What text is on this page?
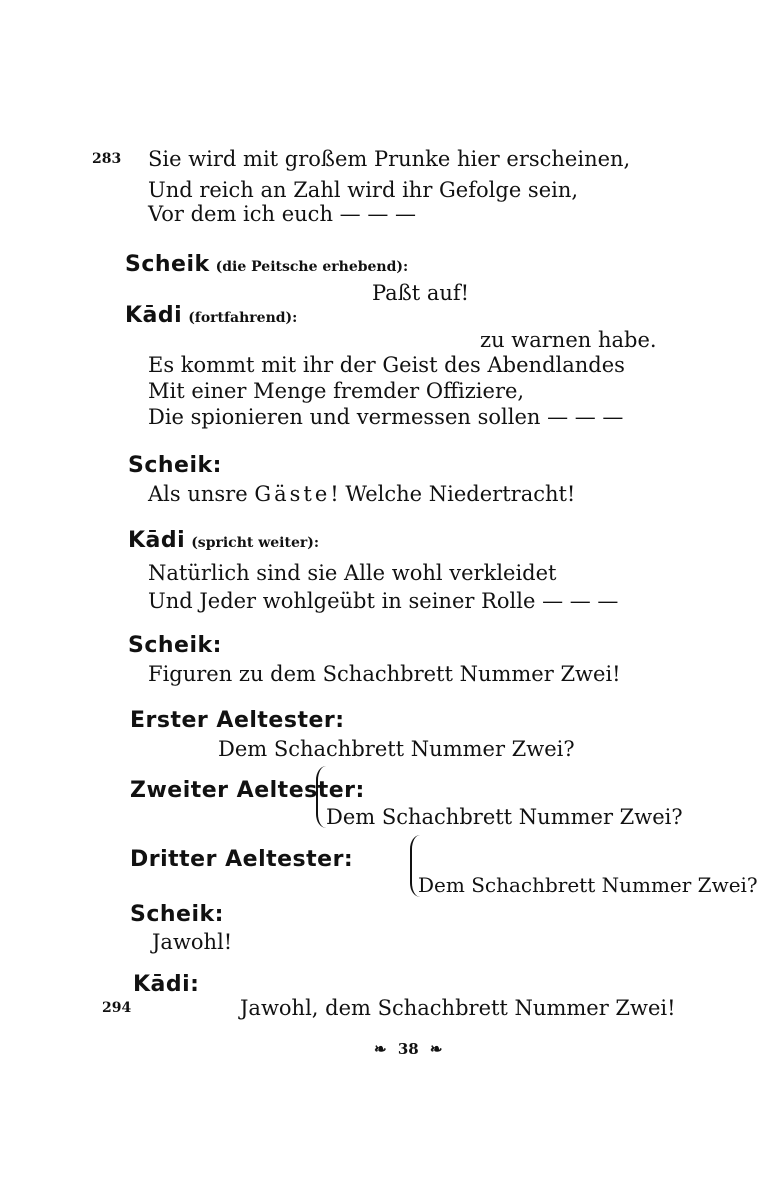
283 Sie wird mit großem Prunke hier erscheinen,
Und reich an Zahl wird ihr Gefolge sein,
Vor dem ich euch — — —
Scheik (die Peitsche erhebend):
Paßt auf!
Kādi (fortfahrend):
zu warnen habe.
Es kommt mit ihr der Geist des Abendlandes
Mit einer Menge fremder Offiziere,
Die spionieren und vermessen sollen — — —
Scheik:
Als unsre Gäste! Welche Niedertracht!
Kādi (spricht weiter):
Natürlich sind sie Alle wohl verkleidet
Und Jeder wohlgeübt in seiner Rolle — — —
Scheik:
Figuren zu dem Schachbrett Nummer Zwei!
Erster Aeltester:
Dem Schachbrett Nummer Zwei?
Zweiter Aeltester:
Dem Schachbrett Nummer Zwei?
Dritter Aeltester:
Dem Schachbrett Nummer Zwei?
Scheik:
Jawohl!
Kādi:
294	Jawohl, dem Schachbrett Nummer Zwei!
❧ 38 ❧
